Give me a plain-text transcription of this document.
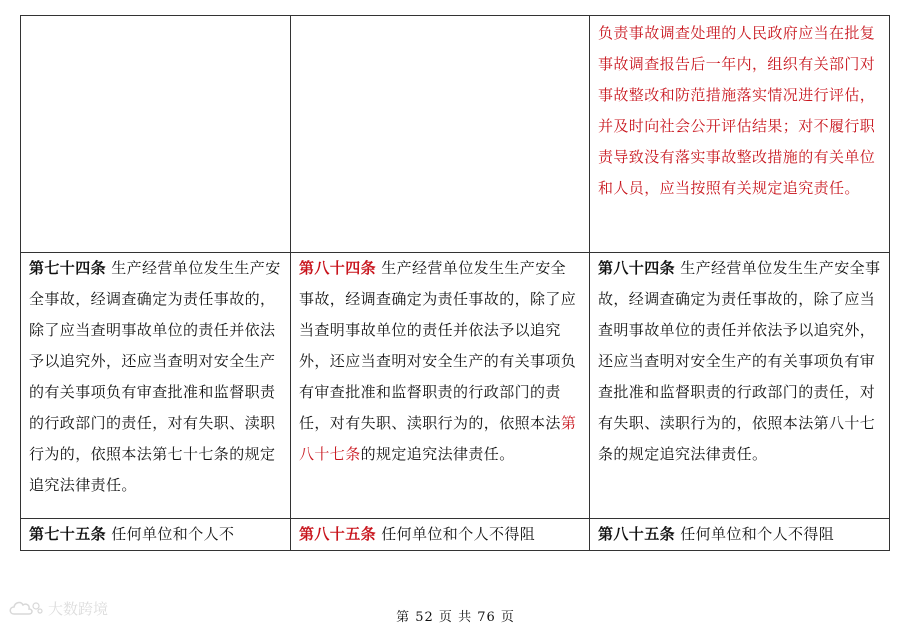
		负责事故调查处理的人民政府应当在批复事故调查报告后一年内，组织有关部门对事故整改和防范措施落实情况进行评估，并及时向社会公开评估结果；对不履行职责导致没有落实事故整改措施的有关单位和人员，应当按照有关规定追究责任。
第七十四条 生产经营单位发生生产安全事故，经调查确定为责任事故的，除了应当查明事故单位的责任并依法予以追究外，还应当查明对安全生产的有关事项负有审查批准和监督职责的行政部门的责任，对有失职、渎职行为的，依照本法第七十七条的规定追究法律责任。	第八十四条 生产经营单位发生生产安全事故，经调查确定为责任事故的，除了应当查明事故单位的责任并依法予以追究外，还应当查明对安全生产的有关事项负有审查批准和监督职责的行政部门的责任，对有失职、渎职行为的，依照本法第八十七条的规定追究法律责任。	第八十四条 生产经营单位发生生产安全事故，经调查确定为责任事故的，除了应当查明事故单位的责任并依法予以追究外，还应当查明对安全生产的有关事项负有审查批准和监督职责的行政部门的责任，对有失职、渎职行为的，依照本法第八十七条的规定追究法律责任。
第七十五条 任何单位和个人不	第八十五条 任何单位和个人不得阻	第八十五条 任何单位和个人不得阻
大数跨境	第 52 页 共 76 页
